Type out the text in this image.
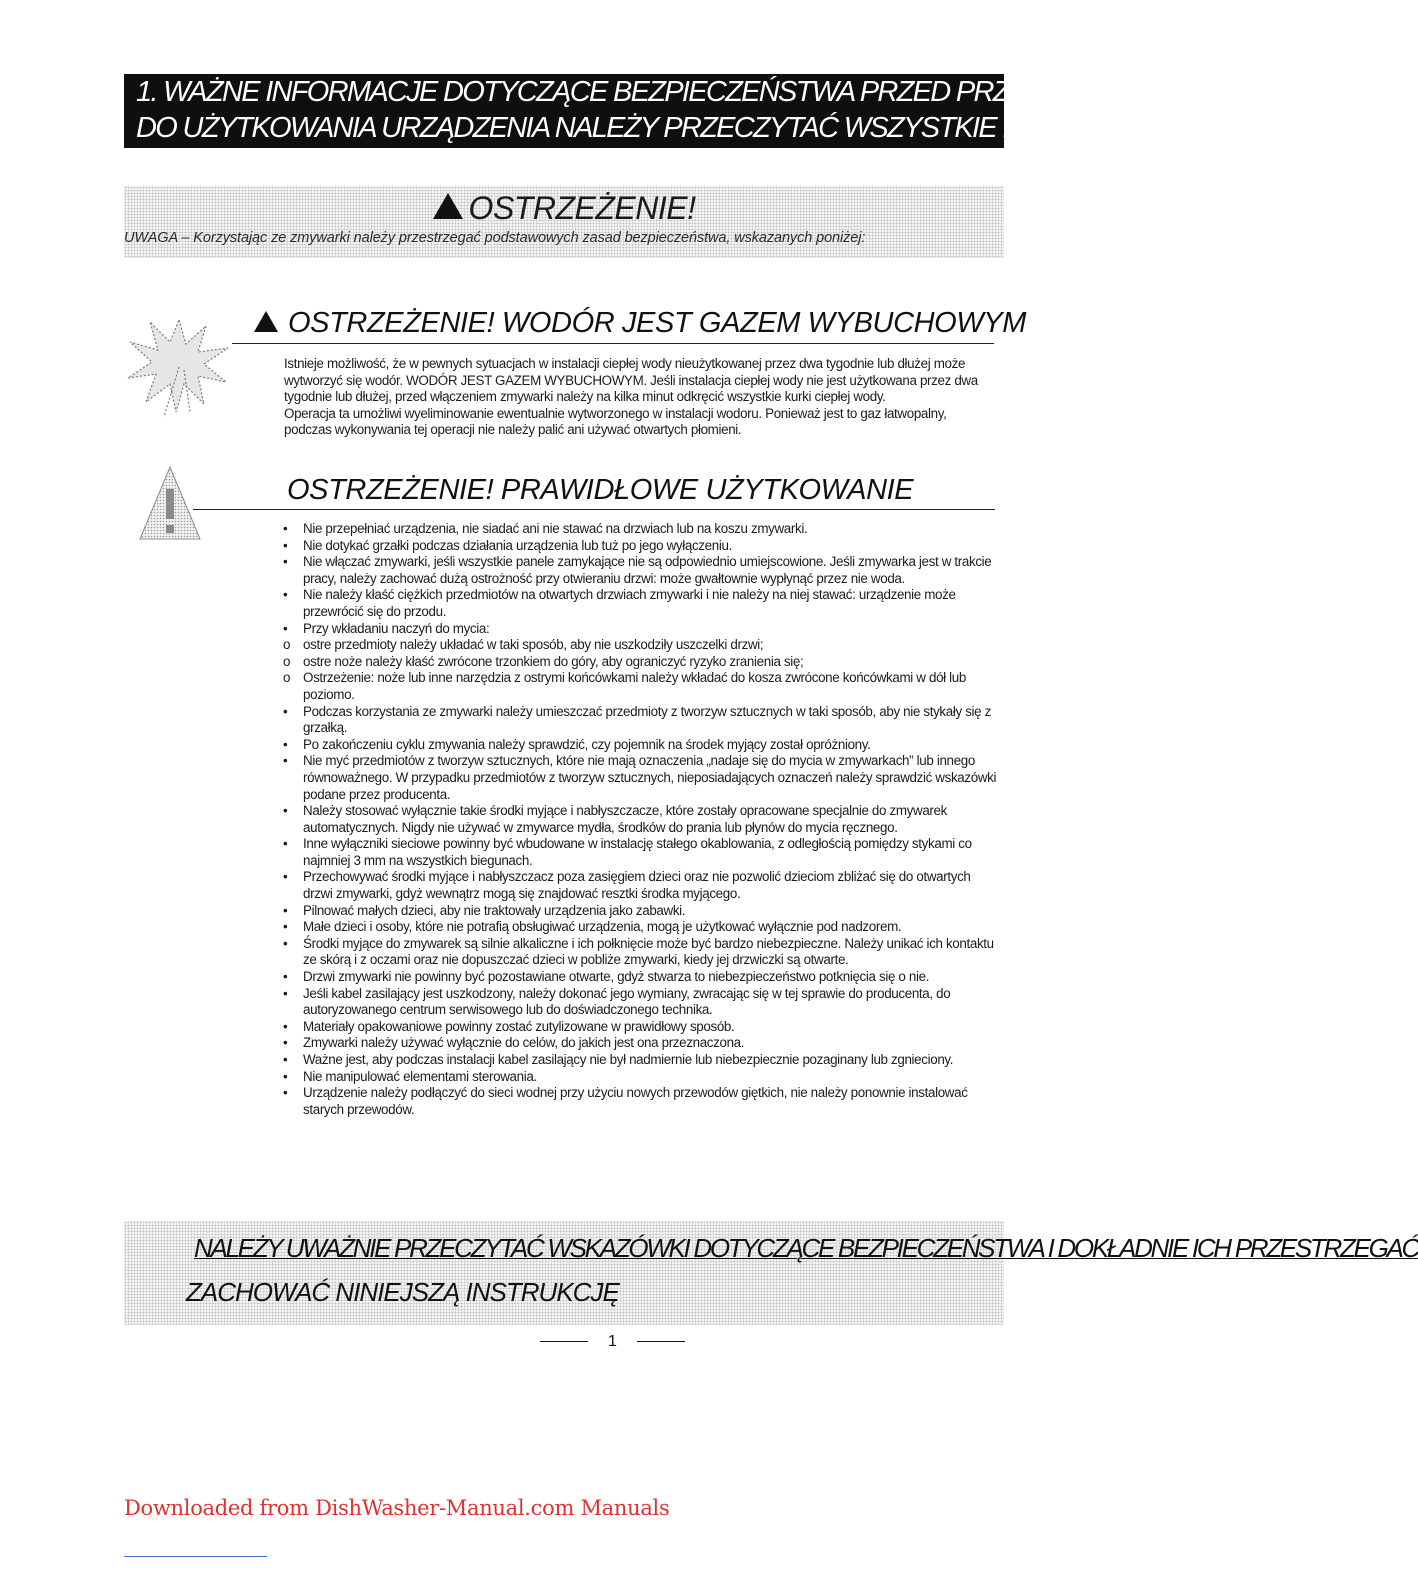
1. WAŻNE INFORMACJE DOTYCZĄCE BEZPIECZEŃSTWA PRZED PRZYSTĄPIENIEM
DO UŻYTKOWANIA URZĄDZENIA NALEŻY PRZECZYTAĆ WSZYSTKIE INSTRUKCJE
OSTRZEŻENIE!
UWAGA – Korzystając ze zmywarki należy przestrzegać podstawowych zasad bezpieczeństwa, wskazanych poniżej:
OSTRZEŻENIE! WODÓR JEST GAZEM WYBUCHOWYM

Istnieje możliwość, że w pewnych sytuacjach w instalacji ciepłej wody nieużytkowanej przez dwa tygodnie lub dłużej może wytworzyć się wodór. WODÓR JEST GAZEM WYBUCHOWYM. Jeśli instalacja ciepłej wody nie jest użytkowana przez dwa tygodnie lub dłużej, przed włączeniem zmywarki należy na kilka minut odkręcić wszystkie kurki ciepłej wody.

Operacja ta umożliwi wyeliminowanie ewentualnie wytworzonego w instalacji wodoru. Ponieważ jest to gaz łatwopalny, podczas wykonywania tej operacji nie należy palić ani używać otwartych płomieni.

OSTRZEŻENIE! PRAWIDŁOWE UŻYTKOWANIE
•	Nie przepełniać urządzenia, nie siadać ani nie stawać na drzwiach lub na koszu zmywarki.
•	Nie dotykać grzałki podczas działania urządzenia lub tuż po jego wyłączeniu.
•	Nie włączać zmywarki, jeśli wszystkie panele zamykające nie są odpowiednio umiejscowione. Jeśli zmywarka jest w trakcie pracy, należy zachować dużą ostrożność przy otwieraniu drzwi: może gwałtownie wypłynąć przez nie woda.
•	Nie należy kłaść ciężkich przedmiotów na otwartych drzwiach zmywarki i nie należy na niej stawać: urządzenie może przewrócić się do przodu.
•	Przy wkładaniu naczyń do mycia:
o ostre przedmioty należy układać w taki sposób, aby nie uszkodziły uszczelki drzwi;
o ostre noże należy kłaść zwrócone trzonkiem do góry, aby ograniczyć ryzyko zranienia się;
o Ostrzeżenie: noże lub inne narzędzia z ostrymi końcówkami należy wkładać do kosza zwrócone końcówkami w dół lub poziomo.
•	Podczas korzystania ze zmywarki należy umieszczać przedmioty z tworzyw sztucznych w taki sposób, aby nie stykały się z grzałką.
•	Po zakończeniu cyklu zmywania należy sprawdzić, czy pojemnik na środek myjący został opróżniony.
•	Nie myć przedmiotów z tworzyw sztucznych, które nie mają oznaczenia „nadaje się do mycia w zmywarkach” lub innego równoważnego. W przypadku przedmiotów z tworzyw sztucznych, nieposiadających oznaczeń należy sprawdzić wskazówki podane przez producenta.
•	Należy stosować wyłącznie takie środki myjące i nabłyszczacze, które zostały opracowane specjalnie do zmywarek automatycznych. Nigdy nie używać w zmywarce mydła, środków do prania lub płynów do mycia ręcznego.
•	Inne wyłączniki sieciowe powinny być wbudowane w instalację stałego okablowania, z odległością pomiędzy stykami co najmniej 3 mm na wszystkich biegunach.
•	Przechowywać środki myjące i nabłyszczacz poza zasięgiem dzieci oraz nie pozwolić dzieciom zbliżać się do otwartych drzwi zmywarki, gdyż wewnątrz mogą się znajdować resztki środka myjącego.
•	Pilnować małych dzieci, aby nie traktowały urządzenia jako zabawki.
•	Małe dzieci i osoby, które nie potrafią obsługiwać urządzenia, mogą je użytkować wyłącznie pod nadzorem.
•	Środki myjące do zmywarek są silnie alkaliczne i ich połknięcie może być bardzo niebezpieczne. Należy unikać ich kontaktu ze skórą i z oczami oraz nie dopuszczać dzieci w pobliże zmywarki, kiedy jej drzwiczki są otwarte.
•	Drzwi zmywarki nie powinny być pozostawiane otwarte, gdyż stwarza to niebezpieczeństwo potknięcia się o nie.
•	Jeśli kabel zasilający jest uszkodzony, należy dokonać jego wymiany, zwracając się w tej sprawie do producenta, do autoryzowanego centrum serwisowego lub do doświadczonego technika.
•	Materiały opakowaniowe powinny zostać zutylizowane w prawidłowy sposób.
•	Zmywarki należy używać wyłącznie do celów, do jakich jest ona przeznaczona.
•	Ważne jest, aby podczas instalacji kabel zasilający nie był nadmiernie lub niebezpiecznie pozaginany lub zgnieciony.
•	Nie manipulować elementami sterowania.
•	Urządzenie należy podłączyć do sieci wodnej przy użyciu nowych przewodów giętkich, nie należy ponownie instalować starych przewodów.
NALEŻY UWAŻNIE PRZECZYTAĆ WSKAZÓWKI DOTYCZĄCE BEZPIECZEŃSTWA I DOKŁADNIE ICH PRZESTRZEGAĆ
ZACHOWAĆ NINIEJSZĄ INSTRUKCJĘ
1
Downloaded from DishWasher-Manual.com Manuals
